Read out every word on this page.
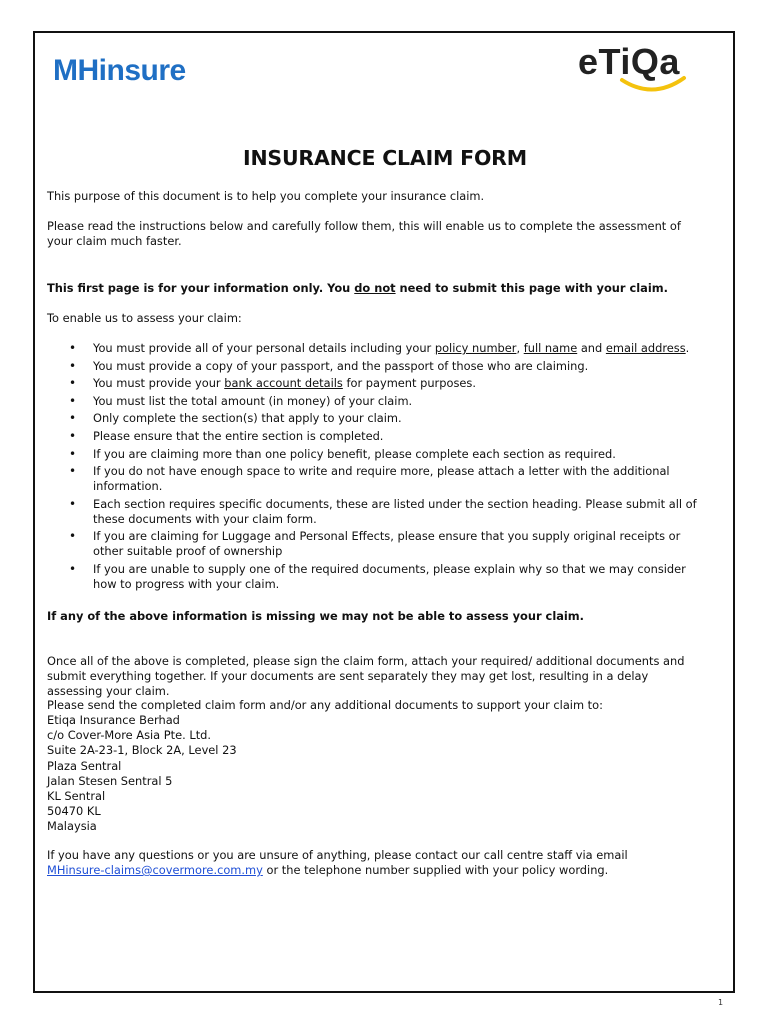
MHinsure	eTiQa
INSURANCE CLAIM FORM

This purpose of this document is to help you complete your insurance claim.

Please read the instructions below and carefully follow them, this will enable us to complete the assessment of your claim much faster.

This first page is for your information only. You do not need to submit this page with your claim.

To enable us to assess your claim:

• You must provide all of your personal details including your policy number, full name and email address.
• You must provide a copy of your passport, and the passport of those who are claiming.
• You must provide your bank account details for payment purposes.
• You must list the total amount (in money) of your claim.
• Only complete the section(s) that apply to your claim.
• Please ensure that the entire section is completed.
• If you are claiming more than one policy benefit, please complete each section as required.
• If you do not have enough space to write and require more, please attach a letter with the additional information.
• Each section requires specific documents, these are listed under the section heading. Please submit all of these documents with your claim form.
• If you are claiming for Luggage and Personal Effects, please ensure that you supply original receipts or other suitable proof of ownership
• If you are unable to supply one of the required documents, please explain why so that we may consider how to progress with your claim.

If any of the above information is missing we may not be able to assess your claim.

Once all of the above is completed, please sign the claim form, attach your required/ additional documents and submit everything together. If your documents are sent separately they may get lost, resulting in a delay assessing your claim.

Please send the completed claim form and/or any additional documents to support your claim to:

Etiqa Insurance Berhad
c/o Cover-More Asia Pte. Ltd.
Suite 2A-23-1, Block 2A, Level 23
Plaza Sentral
Jalan Stesen Sentral 5
KL Sentral
50470 KL
Malaysia

If you have any questions or you are unsure of anything, please contact our call centre staff via email
MHinsure-claims@covermore.com.my or the telephone number supplied with your policy wording.

1
